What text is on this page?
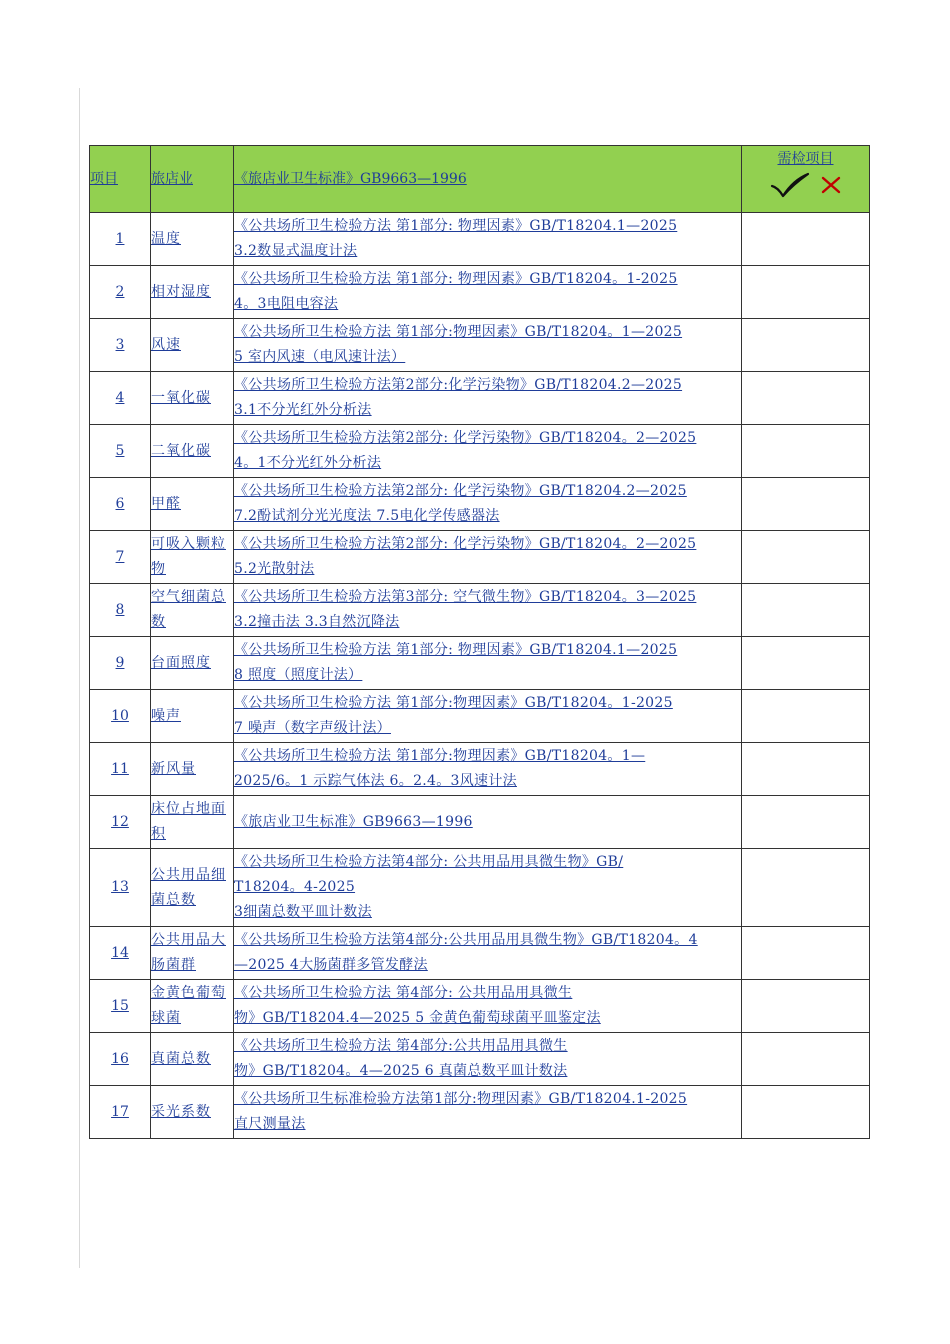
项目	旅店业	《旅店业卫生标准》GB9663—1996	需检项目

1	温度	《公共场所卫生检验方法 第1部分: 物理因素》GB/T18204.1—2025
3.2数显式温度计法	

2	相对湿度	《公共场所卫生检验方法 第1部分: 物理因素》GB/T18204。1-2025
4。3电阻电容法	

3	风速	《公共场所卫生检验方法 第1部分:物理因素》GB/T18204。1—2025
5 室内风速（电风速计法）	

4	一氧化碳	《公共场所卫生检验方法第2部分:化学污染物》GB/T18204.2—2025
3.1不分光红外分析法	

5	二氧化碳	《公共场所卫生检验方法第2部分: 化学污染物》GB/T18204。2—2025
4。1不分光红外分析法	

6	甲醛	《公共场所卫生检验方法第2部分: 化学污染物》GB/T18204.2—2025
7.2酚试剂分光光度法 7.5电化学传感器法	

7	可吸入颗粒物	《公共场所卫生检验方法第2部分: 化学污染物》GB/T18204。2—2025
5.2光散射法	

8	空气细菌总数	《公共场所卫生检验方法第3部分: 空气微生物》GB/T18204。3—2025
3.2撞击法 3.3自然沉降法	

9	台面照度	《公共场所卫生检验方法 第1部分: 物理因素》GB/T18204.1—2025
8 照度（照度计法）	

10	噪声	《公共场所卫生检验方法 第1部分:物理因素》GB/T18204。1-2025
7 噪声（数字声级计法）	

11	新风量	《公共场所卫生检验方法 第1部分:物理因素》GB/T18204。1—
2025/6。1 示踪气体法 6。2.4。3风速计法	

12	床位占地面积	《旅店业卫生标准》GB9663—1996	

13	公共用品细菌总数	《公共场所卫生检验方法第4部分: 公共用品用具微生物》GB/
T18204。4-2025
3细菌总数平皿计数法	

14	公共用品大肠菌群	《公共场所卫生检验方法第4部分:公共用品用具微生物》GB/T18204。4
—2025 4大肠菌群多管发酵法	

15	金黄色葡萄球菌	《公共场所卫生检验方法 第4部分: 公共用品用具微生
物》GB/T18204.4—2025 5 金黄色葡萄球菌平皿鉴定法	

16	真菌总数	《公共场所卫生检验方法 第4部分:公共用品用具微生
物》GB/T18204。4—2025 6 真菌总数平皿计数法	

17	采光系数	《公共场所卫生标准检验方法第1部分:物理因素》GB/T18204.1-2025
直尺测量法	
